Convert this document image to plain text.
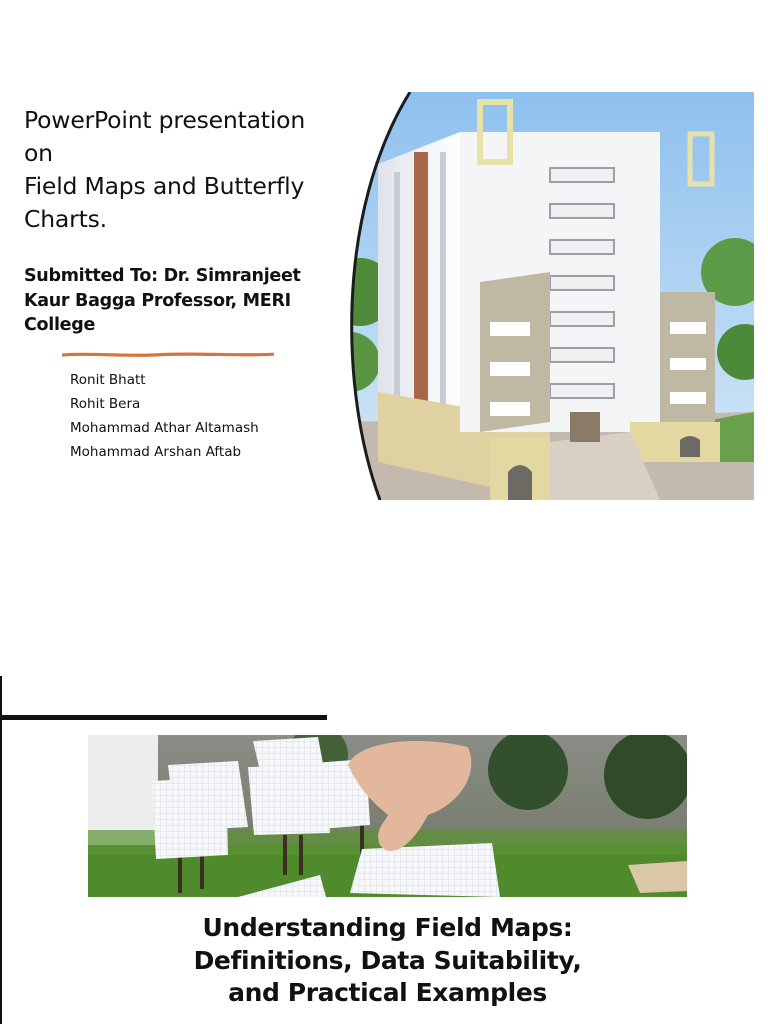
PowerPoint presentation
on
Field Maps and Butterfly
Charts.

Submitted To: Dr. Simranjeet Kaur Bagga Professor, MERI College

Ronit Bhatt
Rohit Bera
Mohammad Athar Altamash
Mohammad Arshan Aftab
Understanding Field Maps:
Definitions, Data Suitability,
and Practical Examples
